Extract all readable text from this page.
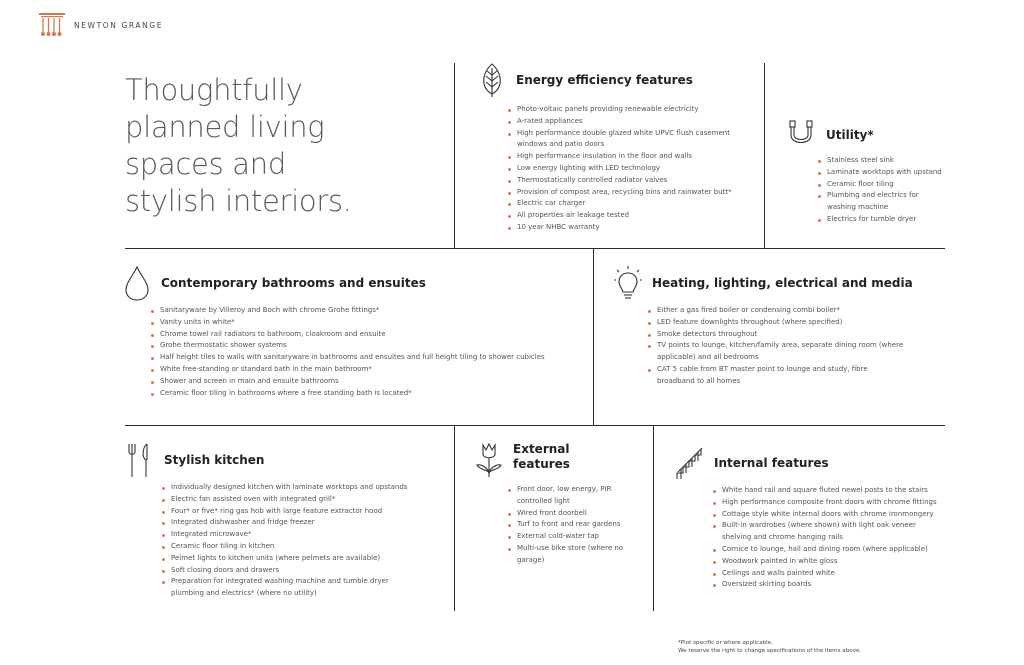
NEWTON GRANGE
Thoughtfully
planned living
spaces and
stylish interiors.
Energy efficiency features
Photo-voltaic panels providing renewable electricity
A-rated appliances
High performance double glazed white UPVC flush casement windows and patio doors
High performance insulation in the floor and walls
Low energy lighting with LED technology
Thermostatically controlled radiator valves
Provision of compost area, recycling bins and rainwater butt*
Electric car charger
All properties air leakage tested
10 year NHBC warranty
Utility*
Stainless steel sink
Laminate worktops with upstand
Ceramic floor tiling
Plumbing and electrics for washing machine
Electrics for tumble dryer
Contemporary bathrooms and ensuites
Sanitaryware by Villeroy and Boch with chrome Grohe fittings*
Vanity units in white*
Chrome towel rail radiators to bathroom, cloakroom and ensuite
Grohe thermostatic shower systems
Half height tiles to walls with sanitaryware in bathrooms and ensuites and full height tiling to shower cubicles
White free-standing or standard bath in the main bathroom*
Shower and screen in main and ensuite bathrooms
Ceramic floor tiling in bathrooms where a free standing bath is located*
Heating, lighting, electrical and media
Either a gas fired boiler or condensing combi boiler*
LED feature downlights throughout (where specified)
Smoke detectors throughout
TV points to lounge, kitchen/family area, separate dining room (where applicable) and all bedrooms
CAT 5 cable from BT master point to lounge and study, fibre broadband to all homes
Stylish kitchen
Individually designed kitchen with laminate worktops and upstands
Electric fan assisted oven with integrated grill*
Four* or five* ring gas hob with large feature extractor hood
Integrated dishwasher and fridge freezer
Integrated microwave*
Ceramic floor tiling in kitchen
Pelmet lights to kitchen units (where pelmets are available)
Soft closing doors and drawers
Preparation for integrated washing machine and tumble dryer plumbing and electrics* (where no utility)
External
features
Front door, low energy, PIR controlled light
Wired front doorbell
Turf to front and rear gardens
External cold-water tap
Multi-use bike store (where no garage)
Internal features
White hand rail and square fluted newel posts to the stairs
High performance composite front doors with chrome fittings
Cottage style white internal doors with chrome ironmongery
Built-in wardrobes (where shown) with light oak veneer shelving and chrome hanging rails
Cornice to lounge, hall and dining room (where applicable)
Woodwork painted in white gloss
Ceilings and walls painted white
Oversized skirting boards
*Plot specific or where applicable.
We reserve the right to change specifications of the items above.
